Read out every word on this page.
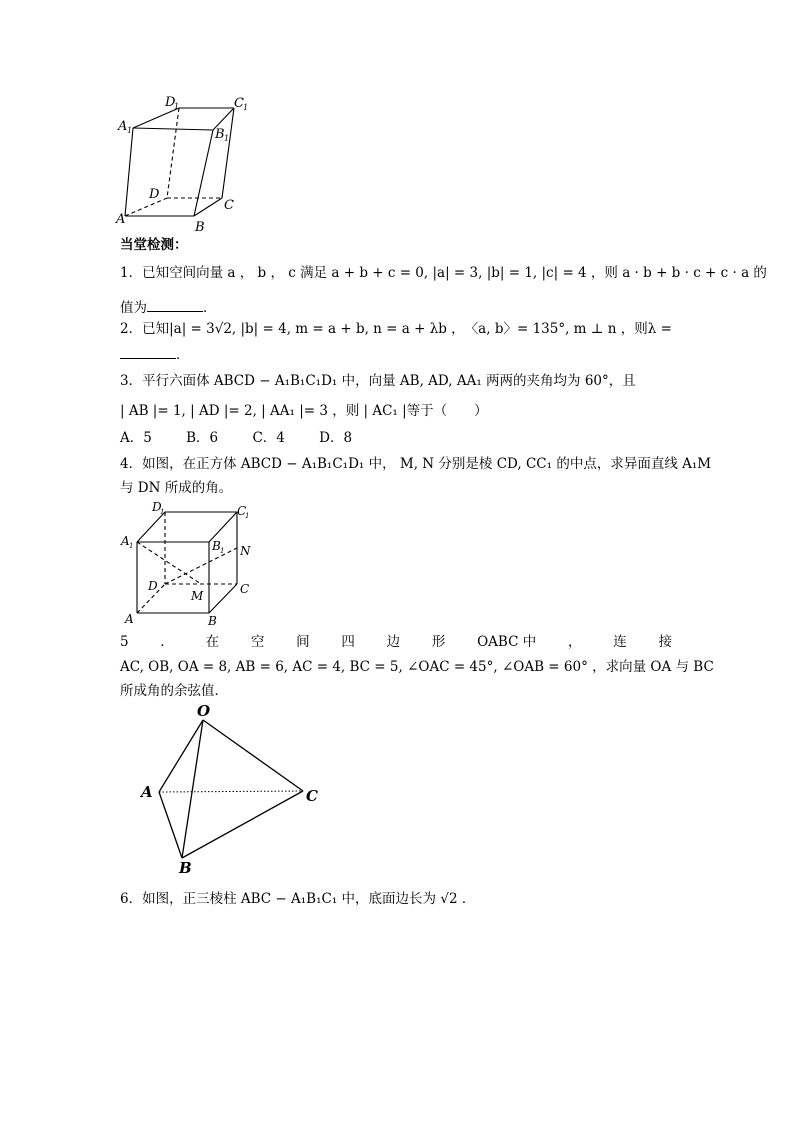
A
B
C
D
A 1	B 1
D
1	C 1
当堂检测：
1．已知空间向量 a ， b ， c 满足 a + b + c = 0, |a| = 3, |b| = 1, |c| = 4 ，则 a · b + b · c + c · a 的
值为	．
2 ． 已 知 |a| = 3√2, |b| = 4, m = a + b, n = a + λb ， 〈a, b〉= 135°, m ⊥ n ， 则 λ =
．
3．平行六面体 ABCD − A₁B₁C₁D₁ 中，向量 AB, AD, AA₁ 两两的夹角均为 60°，且
| AB |= 1, | AD |= 2, | AA₁ |= 3 ，则 | AC₁ |等于（　　）
A．5	B．6	C．4	D．8
4．如图，在正方体 ABCD − A₁B₁C₁D₁ 中， M, N 分别是棱 CD, CC₁ 的中点，求异面直线 A₁M
与 DN 所成的角。
A	B
C
D
M
N
A 1	B 1
D
1	C
1
5 ． 在 空 间 四 边 形 OABC 中 ， 连 接
AC, OB, OA = 8, AB = 6, AC = 4, BC = 5, ∠OAC = 45°, ∠OAB = 60° ，求向量 OA 与 BC
所成角的余弦值．
O
A
B
C
6．如图，正三棱柱 ABC − A₁B₁C₁ 中，底面边长为 √2 ．
